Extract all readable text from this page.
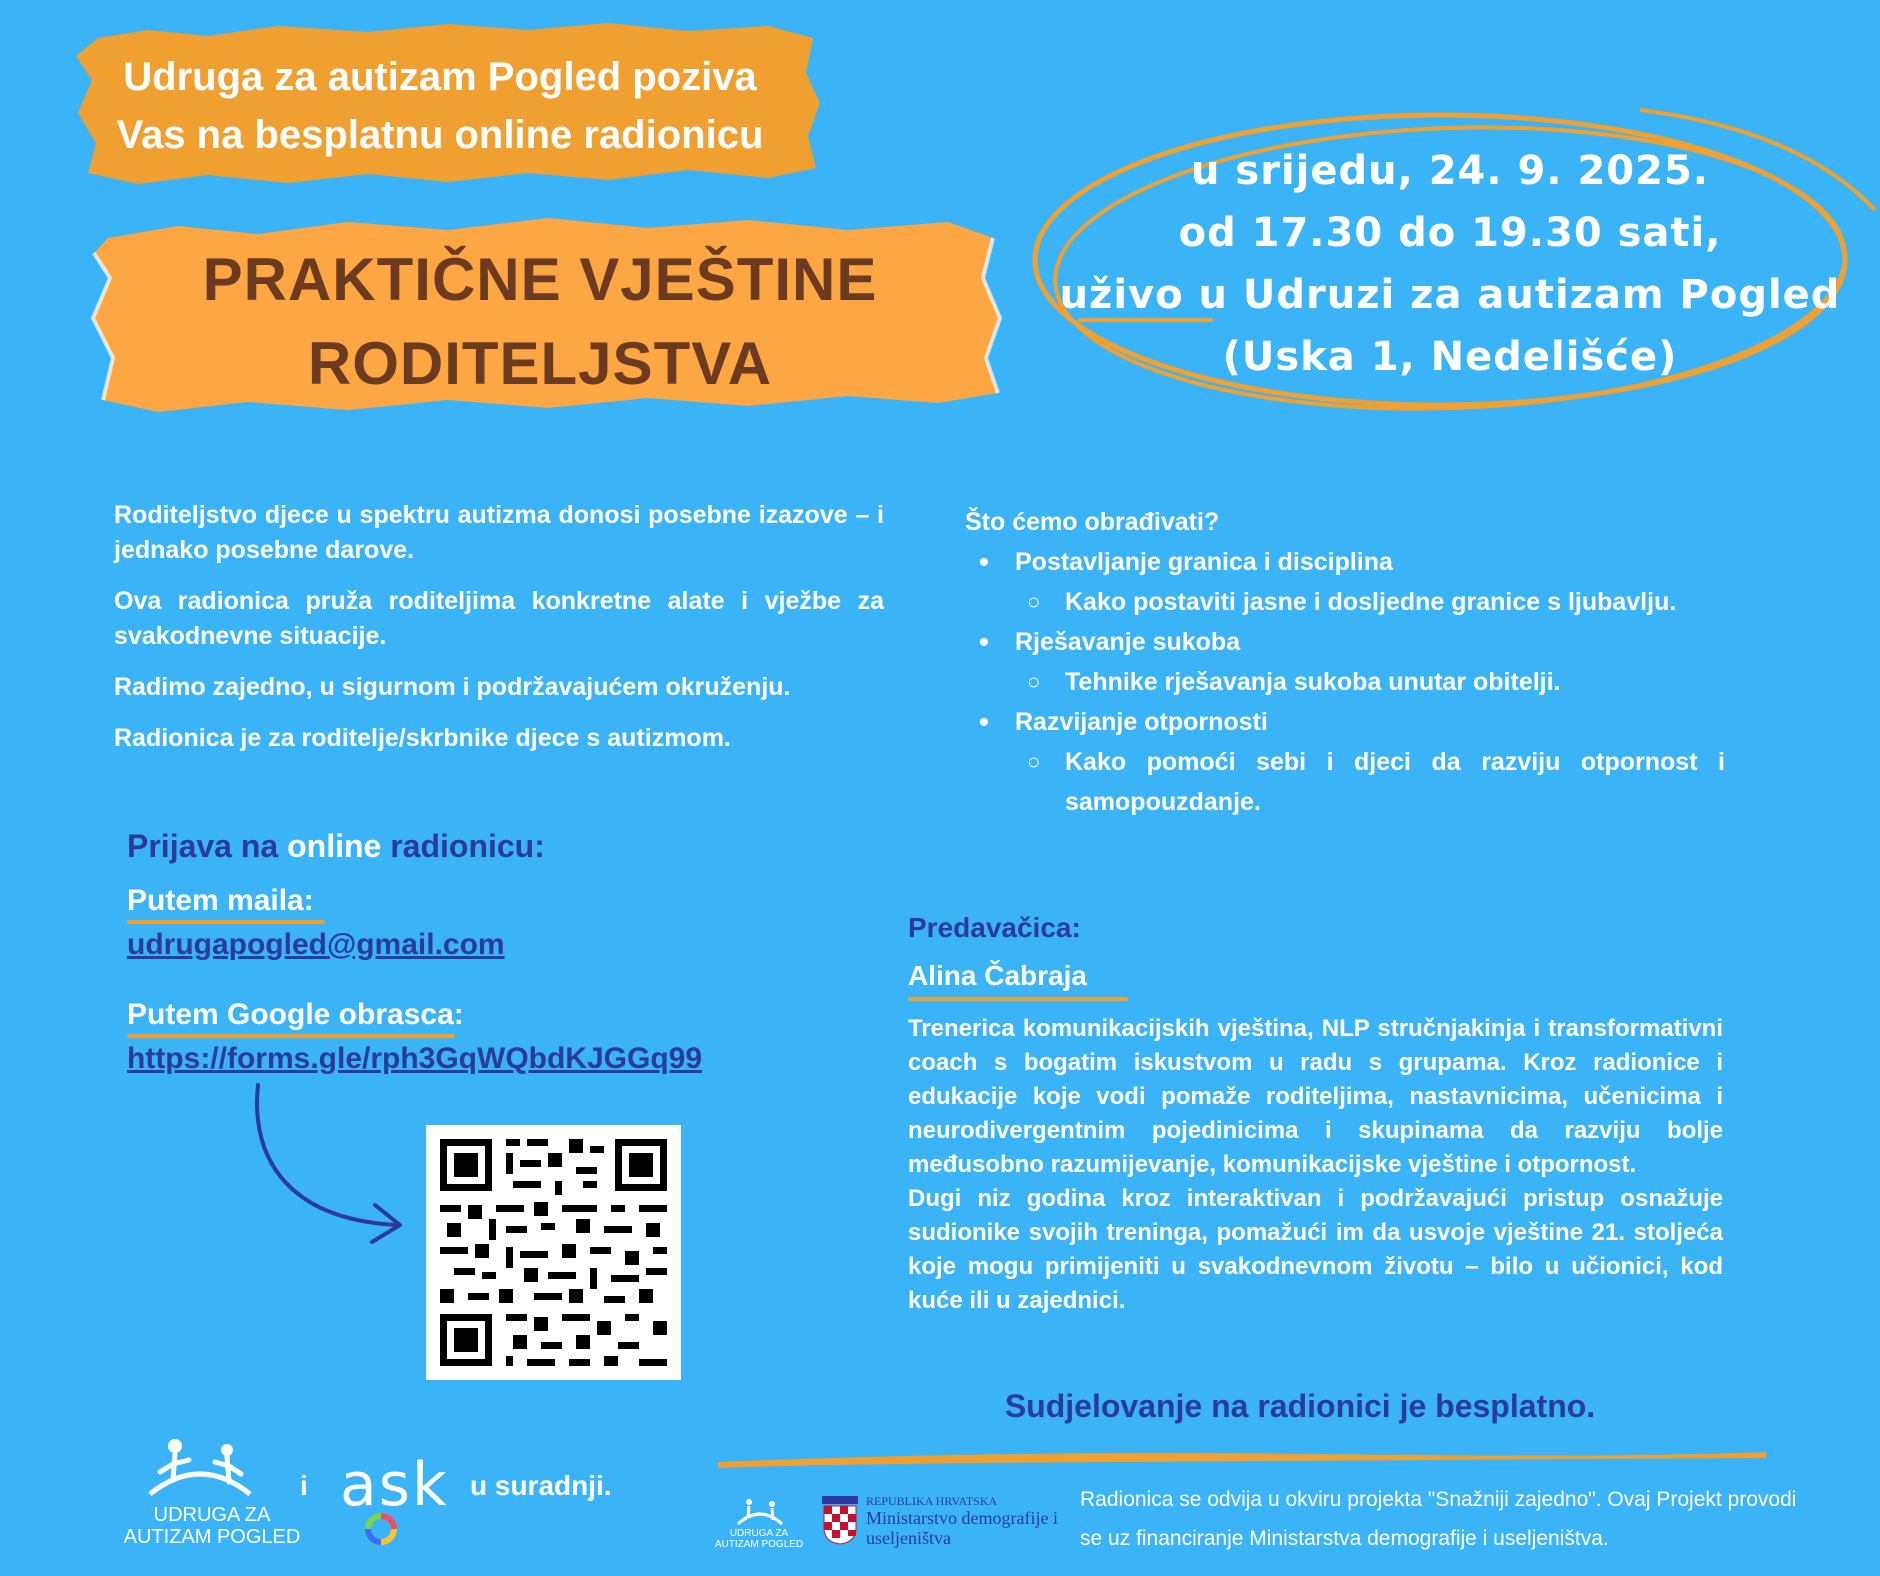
Udruga za autizam Pogled poziva
Vas na besplatnu online radionicu
PRAKTIČNE VJEŠTINE
RODITELJSTVA
u srijedu, 24. 9. 2025.
od 17.30 do 19.30 sati,
uživo u Udruzi za autizam Pogled
(Uska 1, Nedelišće)

Roditeljstvo djece u spektru autizma donosi posebne izazove – i jednako posebne darove.

Ova radionica pruža roditeljima konkretne alate i vježbe za svakodnevne situacije.

Radimo zajedno, u sigurnom i podržavajućem okruženju.

Radionica je za roditelje/skrbnike djece s autizmom.

Što ćemo obrađivati?
• Postavljanje granica i disciplina
○ Kako postaviti jasne i dosljedne granice s ljubavlju.
• Rješavanje sukoba
○ Tehnike rješavanja sukoba unutar obitelji.
• Razvijanje otpornosti
○ Kako pomoći sebi i djeci da razviju otpornost i samopouzdanje.
Prijava na online radionicu:
Putem maila:
udrugapogled@gmail.com
Putem Google obrasca:
https://forms.gle/rph3GqWQbdKJGGq99
Predavačica:
Alina Čabraja

Trenerica komunikacijskih vještina, NLP stručnjakinja i transformativni coach s bogatim iskustvom u radu s grupama. Kroz radionice i edukacije koje vodi pomaže roditeljima, nastavnicima, učenicima i neurodivergentnim pojedinicima i skupinama da razviju bolje međusobno razumijevanje, komunikacijske vještine i otpornost.

Dugi niz godina kroz interaktivan i podržavajući pristup osnažuje sudionike svojih treninga, pomažući im da usvoje vještine 21. stoljeća koje mogu primijeniti u svakodnevnom životu – bilo u učionici, kod kuće ili u zajednici.

Sudjelovanje na radionici je besplatno.
UDRUGA ZA AUTIZAM POGLED
i ask u suradnji.
UDRUGA ZA AUTIZAM POGLED
REPUBLIKA HRVATSKA
Ministarstvo demografije i useljeništva
Radionica se odvija u okviru projekta "Snažniji zajedno". Ovaj Projekt provodi se uz financiranje Ministarstva demografije i useljeništva.
